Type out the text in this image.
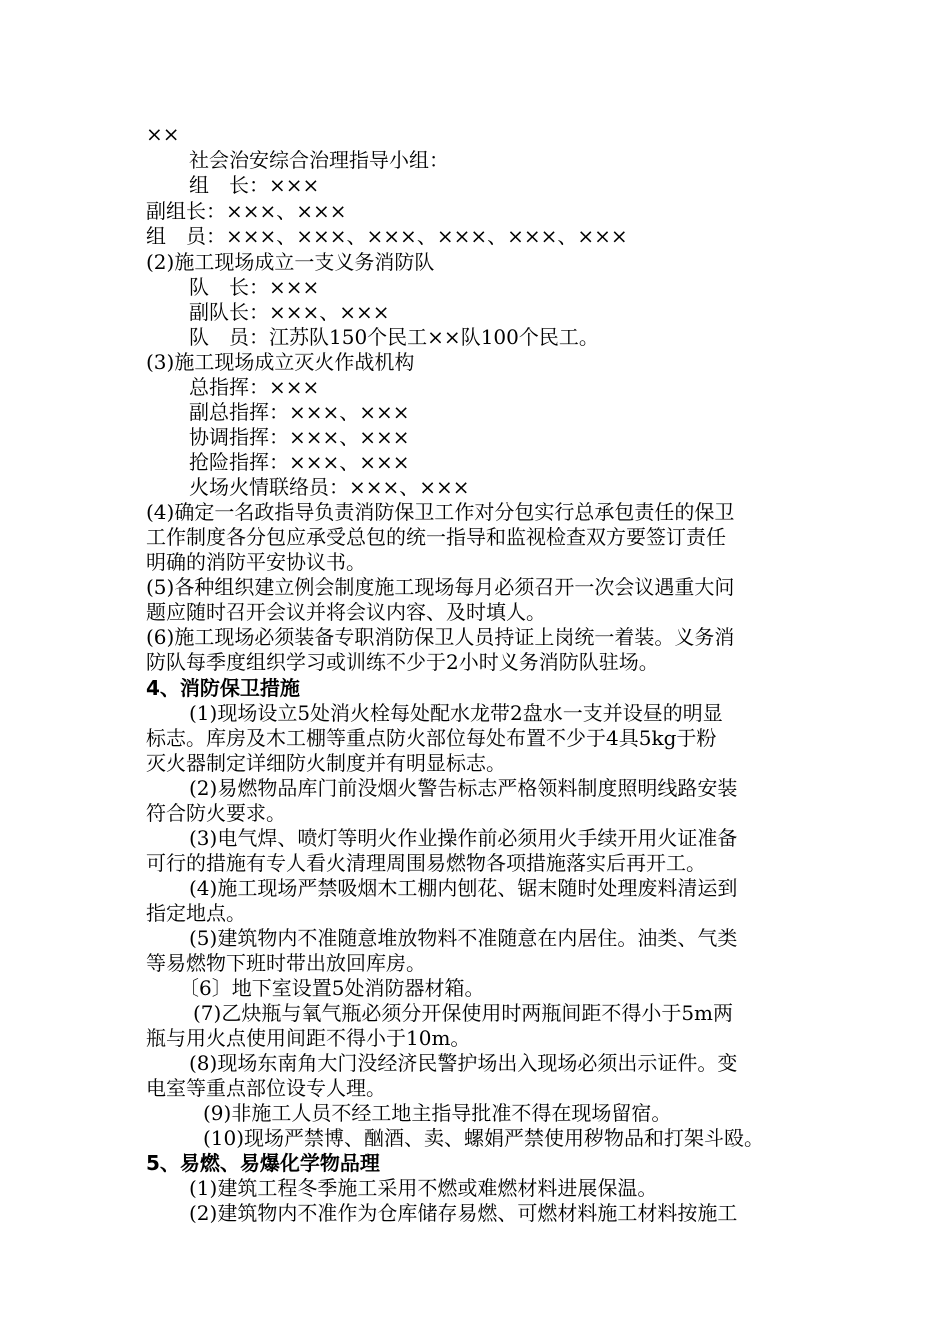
××
社会治安综合治理指导小组：
组　长：×××
副组长：×××、×××
组　员：×××、×××、×××、×××、×××、×××
(2)施工现场成立一支义务消防队
队　长：×××
副队长：×××、×××
队　员：江苏队150个民工××队100个民工。
(3)施工现场成立灭火作战机构
总指挥：×××
副总指挥：×××、×××
协调指挥：×××、×××
抢险指挥：×××、×××
火场火情联络员：×××、×××
(4)确定一名政指导负责消防保卫工作对分包实行总承包责任的保卫
工作制度各分包应承受总包的统一指导和监视检查双方要签订责任
明确的消防平安协议书。
(5)各种组织建立例会制度施工现场每月必须召开一次会议遇重大问
题应随时召开会议并将会议内容、及时填人。
(6)施工现场必须装备专职消防保卫人员持证上岗统一着装。义务消
防队每季度组织学习或训练不少于2小时义务消防队驻场。
4、消防保卫措施
(1)现场设立5处消火栓每处配水龙带2盘水一支并设昼的明显
标志。库房及木工棚等重点防火部位每处布置不少于4具5kg于粉
灭火器制定详细防火制度并有明显标志。
(2)易燃物品库门前没烟火警告标志严格领料制度照明线路安装
符合防火要求。
(3)电气焊、喷灯等明火作业操作前必须用火手续开用火证准备
可行的措施有专人看火清理周围易燃物各项措施落实后再开工。
(4)施工现场严禁吸烟木工棚内刨花、锯末随时处理废料清运到
指定地点。
(5)建筑物内不准随意堆放物料不准随意在内居住。油类、气类
等易燃物下班时带出放回库房。
〔6〕地下室设置5处消防器材箱。
(7)乙炔瓶与氧气瓶必须分开保使用时两瓶间距不得小于5m两
瓶与用火点使用间距不得小于10m。
(8)现场东南角大门没经济民警护场出入现场必须出示证件。变
电室等重点部位设专人理。
(9)非施工人员不经工地主指导批准不得在现场留宿。
(10)现场严禁博、酗酒、卖、螺娟严禁使用秽物品和打架斗殴。
5、易燃、易爆化学物品理
(1)建筑工程冬季施工采用不燃或难燃材料进展保温。
(2)建筑物内不准作为仓库储存易燃、可燃材料施工材料按施工
